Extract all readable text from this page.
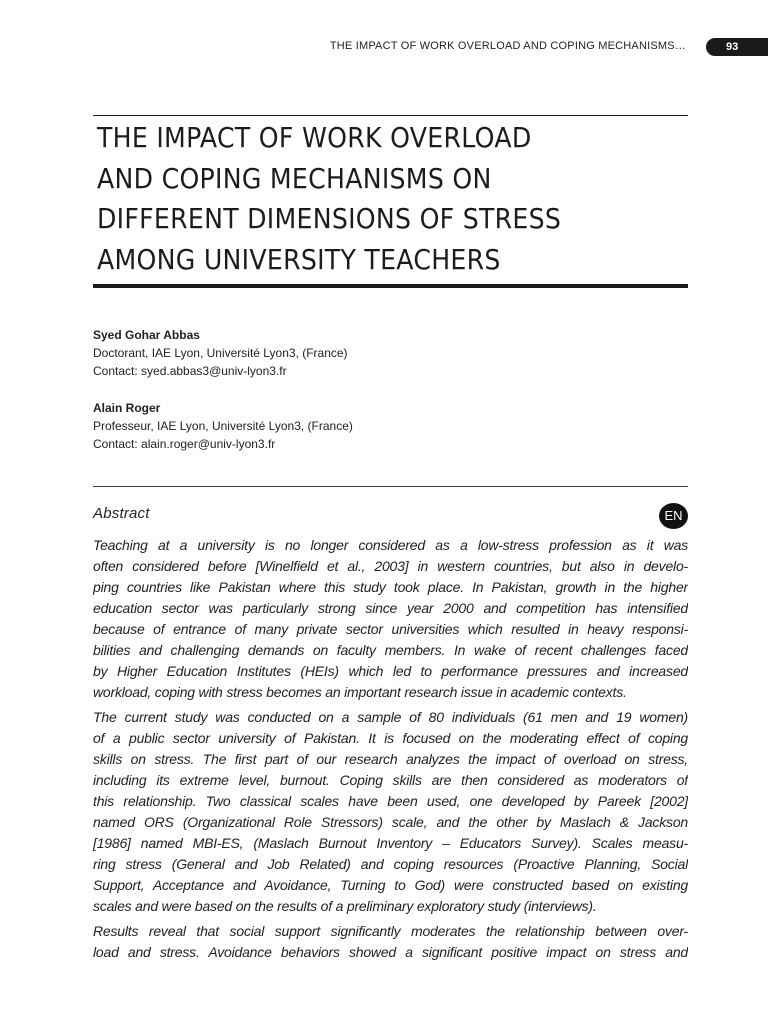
THE IMPACT OF WORK OVERLOAD AND COPING MECHANISMS…	93
THE IMPACT OF WORK OVERLOAD
AND COPING MECHANISMS ON
DIFFERENT DIMENSIONS OF STRESS
AMONG UNIVERSITY TEACHERS
Syed Gohar Abbas
Doctorant, IAE Lyon, Université Lyon3, (France)
Contact: syed.abbas3@univ-lyon3.fr
Alain Roger
Professeur, IAE Lyon, Université Lyon3, (France)
Contact: alain.roger@univ-lyon3.fr
Abstract	EN

Teaching at a university is no longer considered as a low-stress profession as it was
often considered before [Winelfield et al., 2003] in western countries, but also in develo-
ping countries like Pakistan where this study took place. In Pakistan, growth in the higher
education sector was particularly strong since year 2000 and competition has intensified
because of entrance of many private sector universities which resulted in heavy responsi-
bilities and challenging demands on faculty members. In wake of recent challenges faced
by Higher Education Institutes (HEIs) which led to performance pressures and increased
workload, coping with stress becomes an important research issue in academic contexts.

The current study was conducted on a sample of 80 individuals (61 men and 19 women)
of a public sector university of Pakistan. It is focused on the moderating effect of coping
skills on stress. The first part of our research analyzes the impact of overload on stress,
including its extreme level, burnout. Coping skills are then considered as moderators of
this relationship. Two classical scales have been used, one developed by Pareek [2002]
named ORS (Organizational Role Stressors) scale, and the other by Maslach & Jackson
[1986] named MBI-ES, (Maslach Burnout Inventory – Educators Survey). Scales measu-
ring stress (General and Job Related) and coping resources (Proactive Planning, Social
Support, Acceptance and Avoidance, Turning to God) were constructed based on existing
scales and were based on the results of a preliminary exploratory study (interviews).

Results reveal that social support significantly moderates the relationship between over-
load and stress. Avoidance behaviors showed a significant positive impact on stress and
